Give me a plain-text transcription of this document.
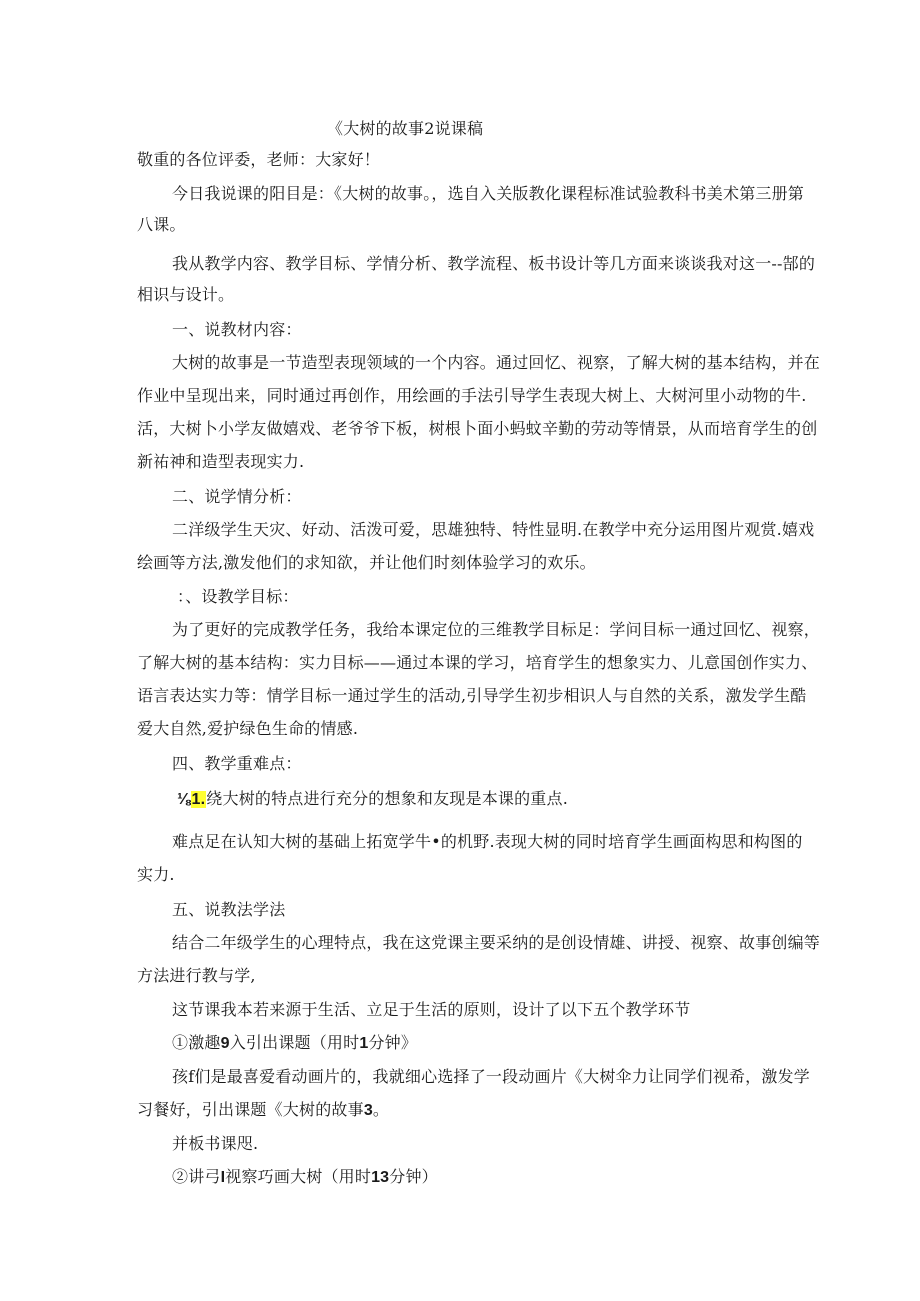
《大树的故事2说课稿
敬重的各位评委，老师：大家好！
今日我说课的阳目是：《大树的故事。，选自入关版教化课程标准试验教科书美术第三册第
八课。
我从教学内容、教学目标、学情分析、教学流程、板书设计等几方面来谈谈我对这一--郜的
相识与设计。
一、说教材内容：
大树的故事是一节造型表现领域的一个内容。通过回忆、视察，了解大树的基本结构，并在
作业中呈现出来，同时通过再创作，用绘画的手法引导学生表现大树上、大树河里小动物的牛.
活，大树卜小学友做嬉戏、老爷爷下板，树根卜面小蚂蚊辛勤的劳动等情景，从而培育学生的创
新祐神和造型表现实力.
二、说学情分析：
二洋级学生天灾、好动、活泼可爱，思雄独特、特性显明.在教学中充分运用图片观赏.嬉戏
绘画等方法,激发他们的求知欲，并让他们时刻体验学习的欢乐。
：、设教学目标：
为了更好的完成教学任务，我给本课定位的三维教学目标足：学问目标一通过回忆、视察，
了解大树的基本结构：实力目标——通过本课的学习，培育学生的想象实力、儿意国创作实力、
语言表达实力等：情学目标一通过学生的活动,引导学生初步相识人与自然的关系，激发学生酷
爱大自然,爱护绿色生命的情感.
四、教学重难点：
⅛1.绕大树的特点进行充分的想象和友现是本课的重点.
难点足在认知大树的基础上拓宽学牛•的机野.表现大树的同时培育学生画面构思和构图的
实力.
五、说教法学法
结合二年级学生的心理特点，我在这党课主要采纳的是创设情雄、讲授、视察、故事创编等
方法进行教与学,
这节课我本若来源于生活、立足于生活的原则，设计了以下五个教学环节
①激趣9入引出课题（用时1分钟》
孩f们是最喜爱看动画片的，我就细心选择了一段动画片《大树伞力让同学们视希，激发学
习餐好，引出课题《大树的故事3。
并板书课咫.
②讲弓I视察巧画大树（用时13分钟）
